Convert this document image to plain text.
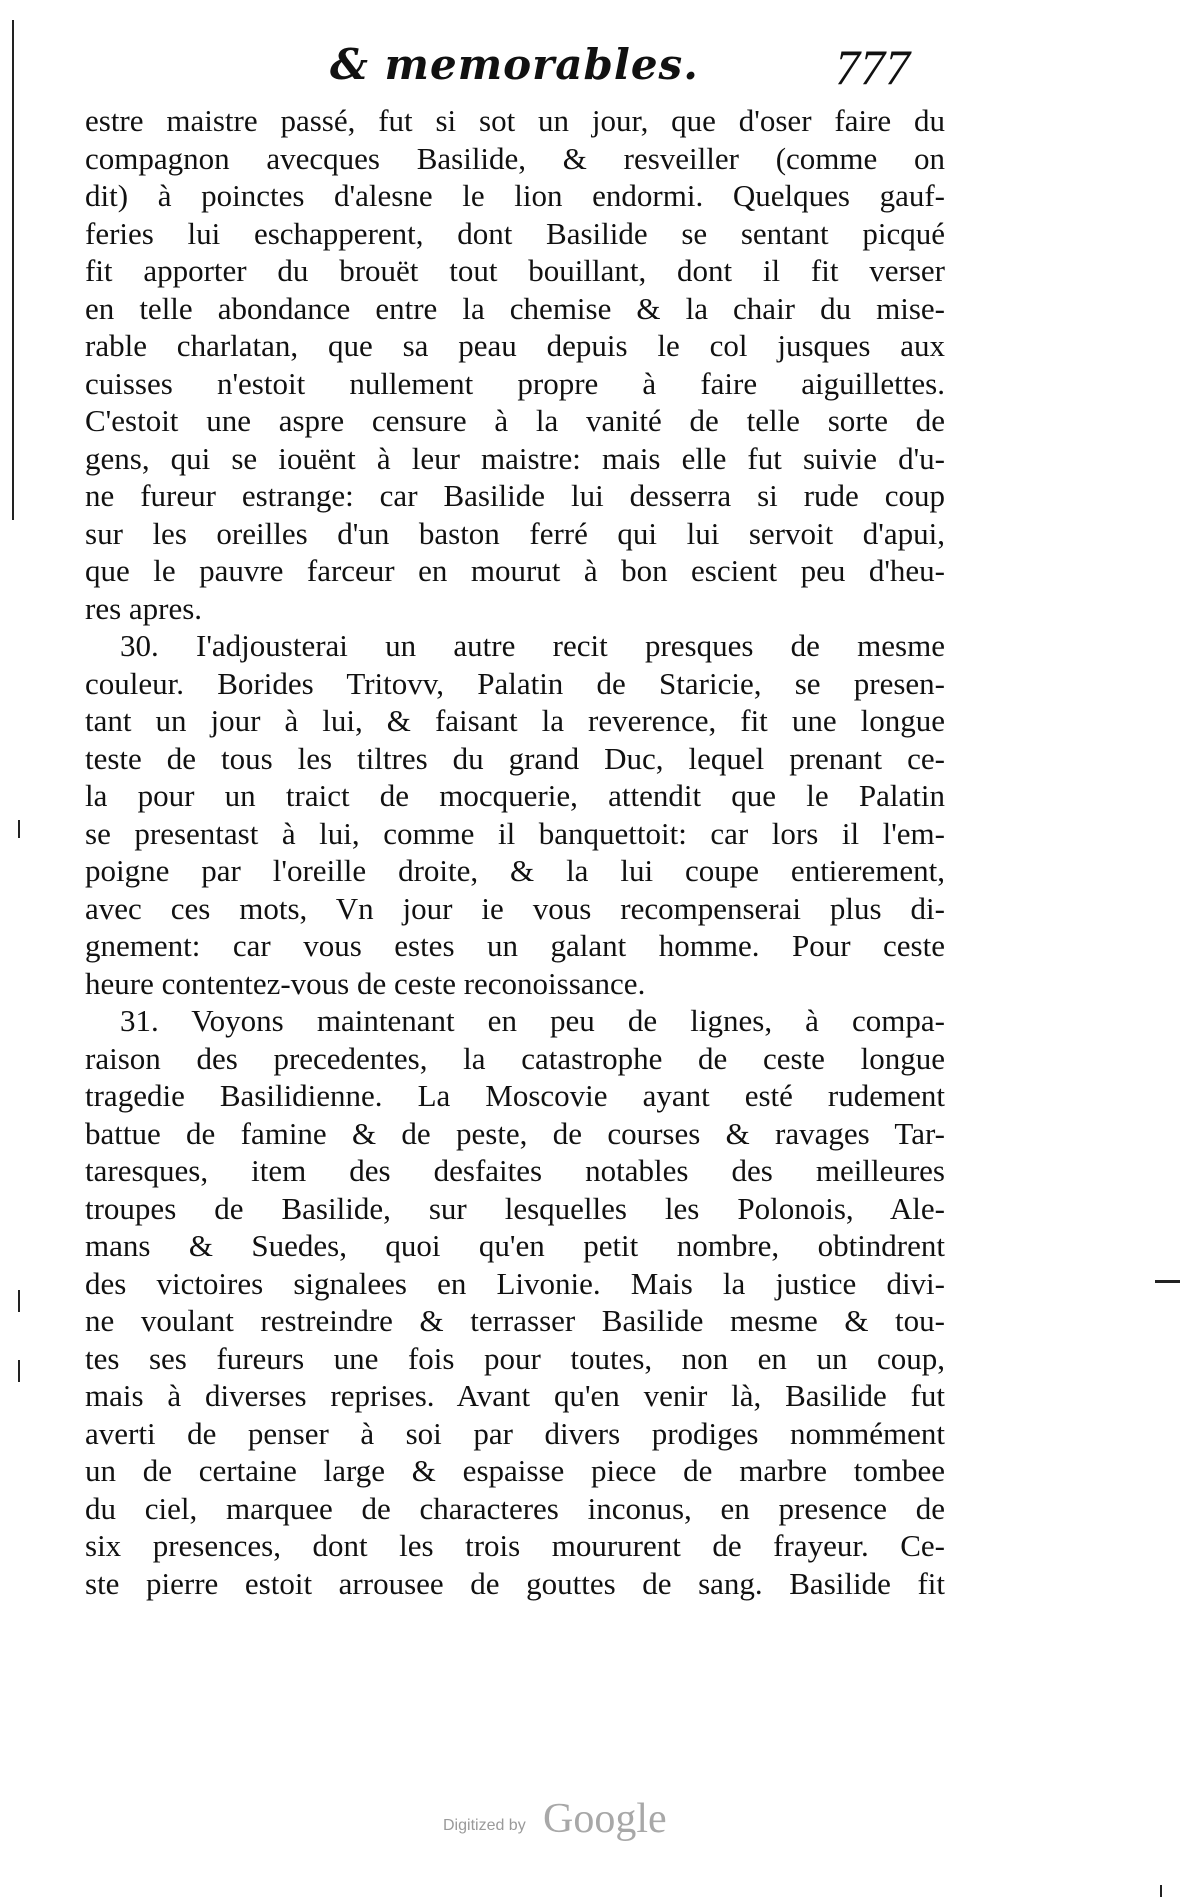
& memorables.	777
estre maistre passé, fut si sot un jour, que d'oser faire du
compagnon avecques Basilide, & resveiller (comme on
dit) à poinctes d'alesne le lion endormi. Quelques gauf-
feries lui eschapperent, dont Basilide se sentant picqué
fit apporter du brouët tout bouillant, dont il fit verser
en telle abondance entre la chemise & la chair du mise-
rable charlatan, que sa peau depuis le col jusques aux
cuisses n'estoit nullement propre à faire aiguillettes.
C'estoit une aspre censure à la vanité de telle sorte de
gens, qui se iouënt à leur maistre: mais elle fut suivie d'u-
ne fureur estrange: car Basilide lui desserra si rude coup
sur les oreilles d'un baston ferré qui lui servoit d'apui,
que le pauvre farceur en mourut à bon escient peu d'heu-
res apres.
30. I'adjousterai un autre recit presques de mesme
couleur. Borides Tritovv, Palatin de Staricie, se presen-
tant un jour à lui, & faisant la reverence, fit une longue
teste de tous les tiltres du grand Duc, lequel prenant ce-
la pour un traict de mocquerie, attendit que le Palatin
se presentast à lui, comme il banquettoit: car lors il l'em-
poigne par l'oreille droite, & la lui coupe entierement,
avec ces mots, Vn jour ie vous recompenserai plus di-
gnement: car vous estes un galant homme. Pour ceste
heure contentez-vous de ceste reconoissance.
31. Voyons maintenant en peu de lignes, à compa-
raison des precedentes, la catastrophe de ceste longue
tragedie Basilidienne. La Moscovie ayant esté rudement
battue de famine & de peste, de courses & ravages Tar-
taresques, item des desfaites notables des meilleures
troupes de Basilide, sur lesquelles les Polonois, Ale-
mans & Suedes, quoi qu'en petit nombre, obtindrent
des victoires signalees en Livonie. Mais la justice divi-
ne voulant restreindre & terrasser Basilide mesme & tou-
tes ses fureurs une fois pour toutes, non en un coup,
mais à diverses reprises. Avant qu'en venir là, Basilide fut
averti de penser à soi par divers prodiges nommément
un de certaine large & espaisse piece de marbre tombee
du ciel, marquee de characteres inconus, en presence de
six presences, dont les trois moururent de frayeur. Ce-
ste pierre estoit arrousee de gouttes de sang. Basilide fit
Digitized by Google
